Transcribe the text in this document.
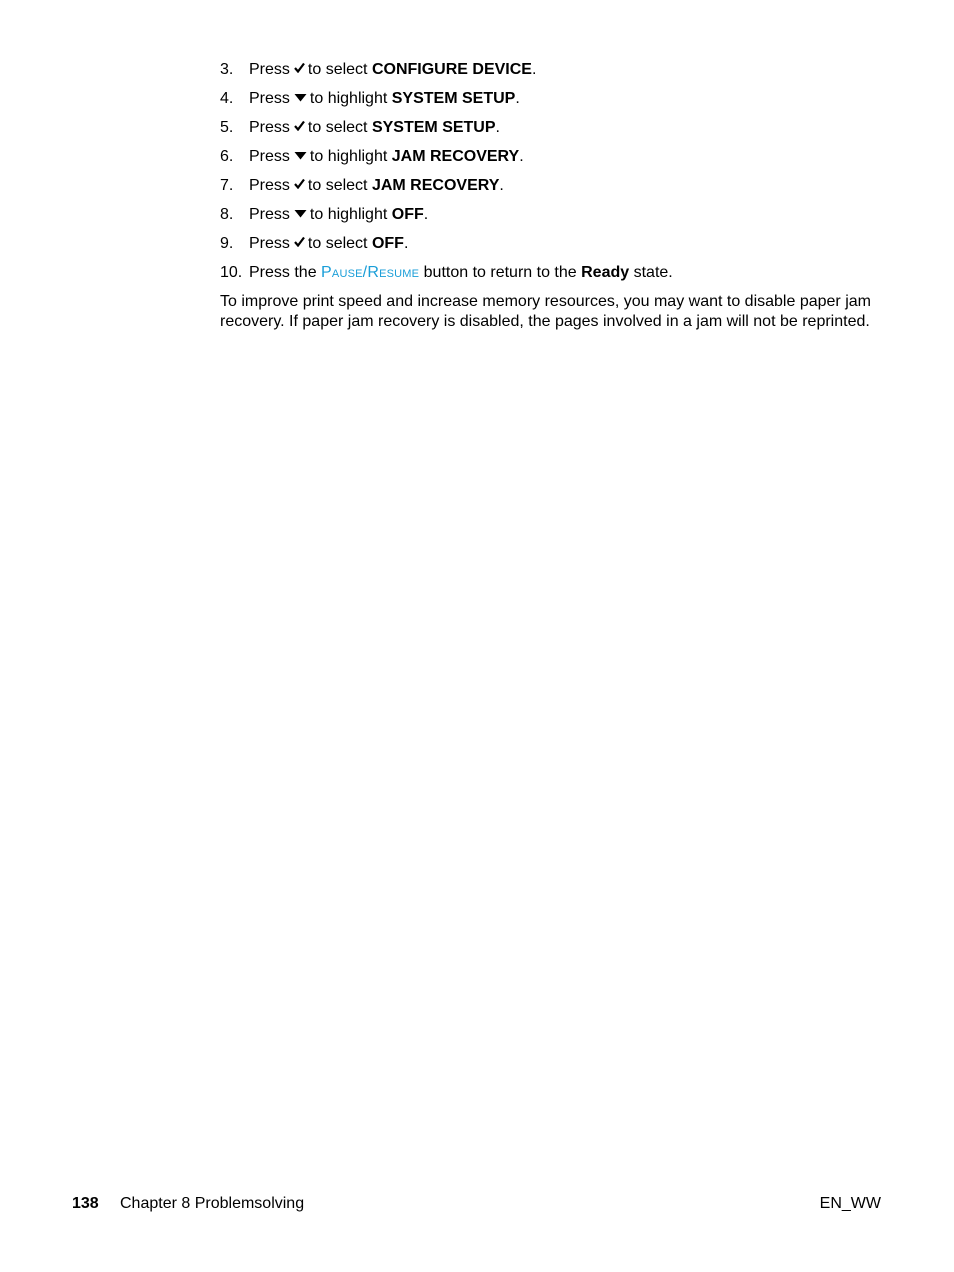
3. Press to select CONFIGURE DEVICE.
4. Press to highlight SYSTEM SETUP.
5. Press to select SYSTEM SETUP.
6. Press to highlight JAM RECOVERY.
7. Press to select JAM RECOVERY.
8. Press to highlight OFF.
9. Press to select OFF.
10. Press the Pause/Resume button to return to the Ready state.

To improve print speed and increase memory resources, you may want to disable paper jam recovery. If paper jam recovery is disabled, the pages involved in a jam will not be reprinted.

138 Chapter 8 Problemsolving	EN_WW
